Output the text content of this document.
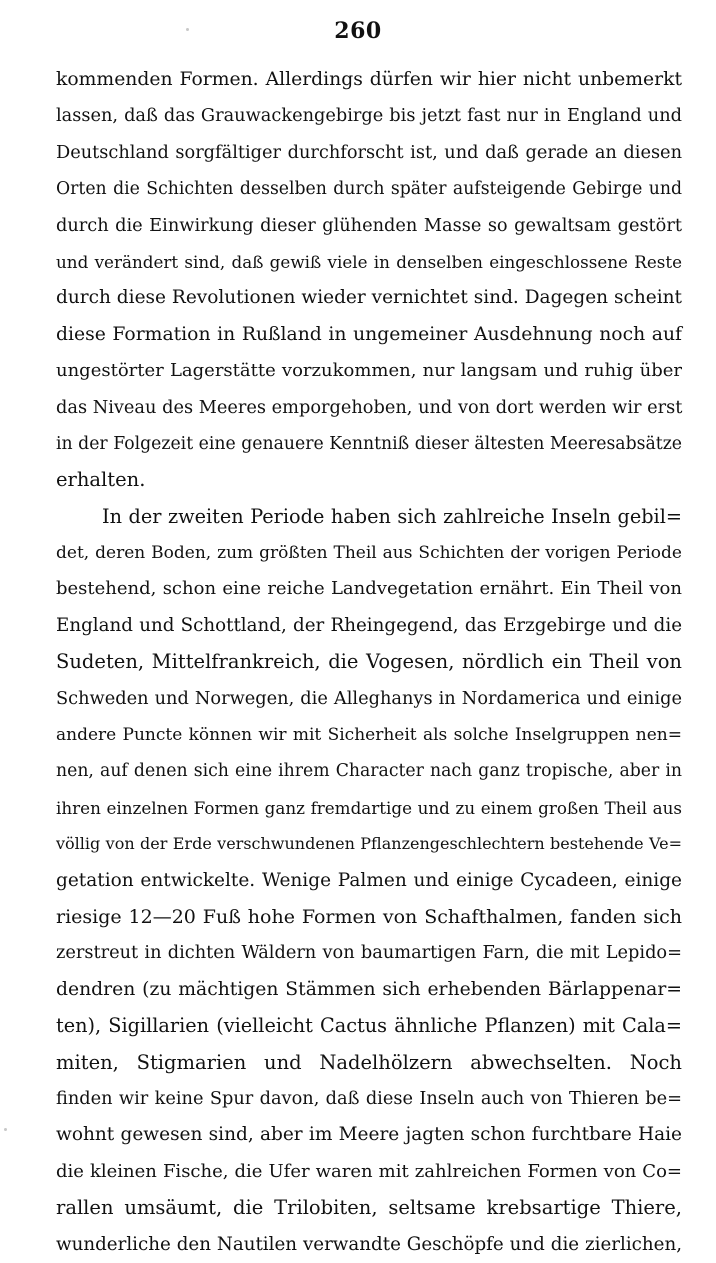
260
kommenden Formen. Allerdings dürfen wir hier nicht unbemerkt
lassen, daß das Grauwackengebirge bis jetzt fast nur in England und
Deutschland sorgfältiger durchforscht ist, und daß gerade an diesen
Orten die Schichten desselben durch später aufsteigende Gebirge und
durch die Einwirkung dieser glühenden Masse so gewaltsam gestört
und verändert sind, daß gewiß viele in denselben eingeschlossene Reste
durch diese Revolutionen wieder vernichtet sind. Dagegen scheint
diese Formation in Rußland in ungemeiner Ausdehnung noch auf
ungestörter Lagerstätte vorzukommen, nur langsam und ruhig über
das Niveau des Meeres emporgehoben, und von dort werden wir erst
in der Folgezeit eine genauere Kenntniß dieser ältesten Meeresabsätze
erhalten.
In der zweiten Periode haben sich zahlreiche Inseln gebil=
det, deren Boden, zum größten Theil aus Schichten der vorigen Periode
bestehend, schon eine reiche Landvegetation ernährt. Ein Theil von
England und Schottland, der Rheingegend, das Erzgebirge und die
Sudeten, Mittelfrankreich, die Vogesen, nördlich ein Theil von
Schweden und Norwegen, die Alleghanys in Nordamerica und einige
andere Puncte können wir mit Sicherheit als solche Inselgruppen nen=
nen, auf denen sich eine ihrem Character nach ganz tropische, aber in
ihren einzelnen Formen ganz fremdartige und zu einem großen Theil aus
völlig von der Erde verschwundenen Pflanzengeschlechtern bestehende Ve=
getation entwickelte. Wenige Palmen und einige Cycadeen, einige
riesige 12—20 Fuß hohe Formen von Schafthalmen, fanden sich
zerstreut in dichten Wäldern von baumartigen Farn, die mit Lepido=
dendren (zu mächtigen Stämmen sich erhebenden Bärlappenar=
ten), Sigillarien (vielleicht Cactus ähnliche Pflanzen) mit Cala=
miten, Stigmarien und Nadelhölzern abwechselten. Noch
finden wir keine Spur davon, daß diese Inseln auch von Thieren be=
wohnt gewesen sind, aber im Meere jagten schon furchtbare Haie
die kleinen Fische, die Ufer waren mit zahlreichen Formen von Co=
rallen umsäumt, die Trilobiten, seltsame krebsartige Thiere,
wunderliche den Nautilen verwandte Geschöpfe und die zierlichen,
